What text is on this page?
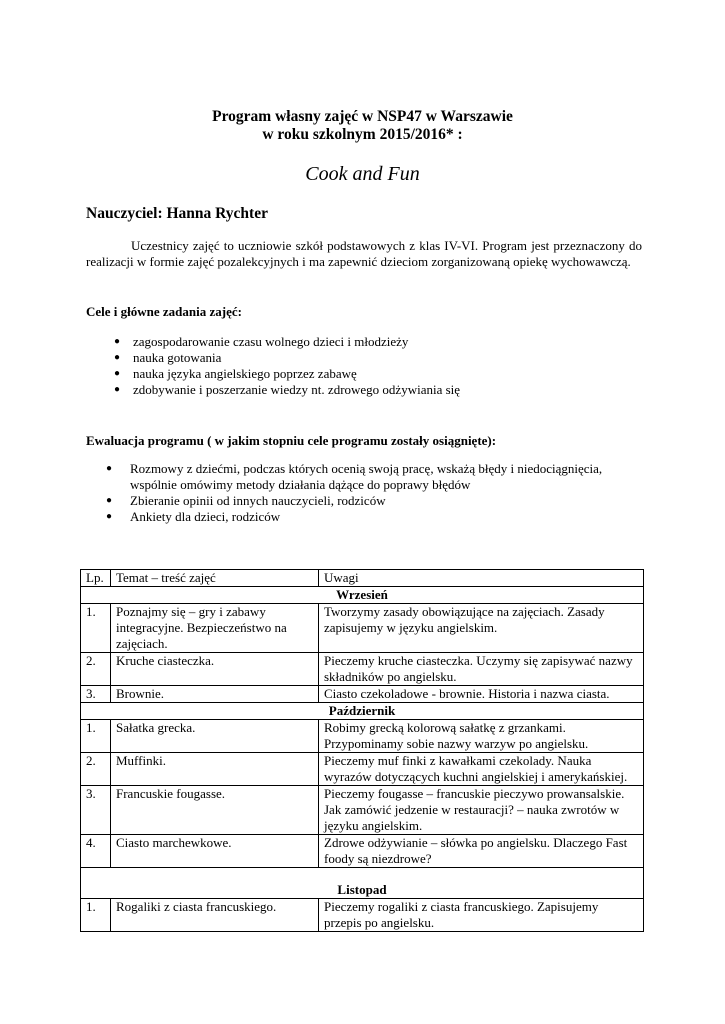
Program własny zajęć w NSP47 w Warszawie
w roku szkolnym 2015/2016* :
Cook and Fun
Nauczyciel: Hanna Rychter

Uczestnicy zajęć to uczniowie szkół podstawowych z klas IV-VI. Program jest przeznaczony do realizacji w formie zajęć pozalekcyjnych i ma zapewnić dzieciom zorganizowaną opiekę wychowawczą.

Cele i główne zadania zajęć:
● zagospodarowanie czasu wolnego dzieci i młodzieży
● nauka gotowania
● nauka języka angielskiego poprzez zabawę
● zdobywanie i poszerzanie wiedzy nt. zdrowego odżywiania się
Ewaluacja programu ( w jakim stopniu cele programu zostały osiągnięte):
● Rozmowy z dziećmi, podczas których ocenią swoją pracę, wskażą błędy i niedociągnięcia, wspólnie omówimy metody działania dążące do poprawy błędów
● Zbieranie opinii od innych nauczycieli, rodziców
● Ankiety dla dzieci, rodziców
Lp.	Temat – treść zajęć	Uwagi
Wrzesień		
1.	Poznajmy się – gry i zabawy integracyjne. Bezpieczeństwo na zajęciach.	Tworzymy zasady obowiązujące na zajęciach. Zasady zapisujemy w języku angielskim.
2.	Kruche ciasteczka.	Pieczemy kruche ciasteczka. Uczymy się zapisywać nazwy składników po angielsku.
3.	Brownie.	Ciasto czekoladowe - brownie. Historia i nazwa ciasta.
Październik		
1.	Sałatka grecka.	Robimy grecką kolorową sałatkę z grzankami. Przypominamy sobie nazwy warzyw po angielsku.
2.	Muffinki.	Pieczemy muf finki z kawałkami czekolady. Nauka wyrazów dotyczących kuchni angielskiej i amerykańskiej.
3.	Francuskie fougasse.	Pieczemy fougasse – francuskie pieczywo prowansalskie. Jak zamówić jedzenie w restauracji? – nauka zwrotów w języku angielskim.
4.	Ciasto marchewkowe.	Zdrowe odżywianie – słówka po angielsku. Dlaczego Fast foody są niezdrowe?
Listopad		
1.	Rogaliki z ciasta francuskiego.	Pieczemy rogaliki z ciasta francuskiego. Zapisujemy przepis po angielsku.
